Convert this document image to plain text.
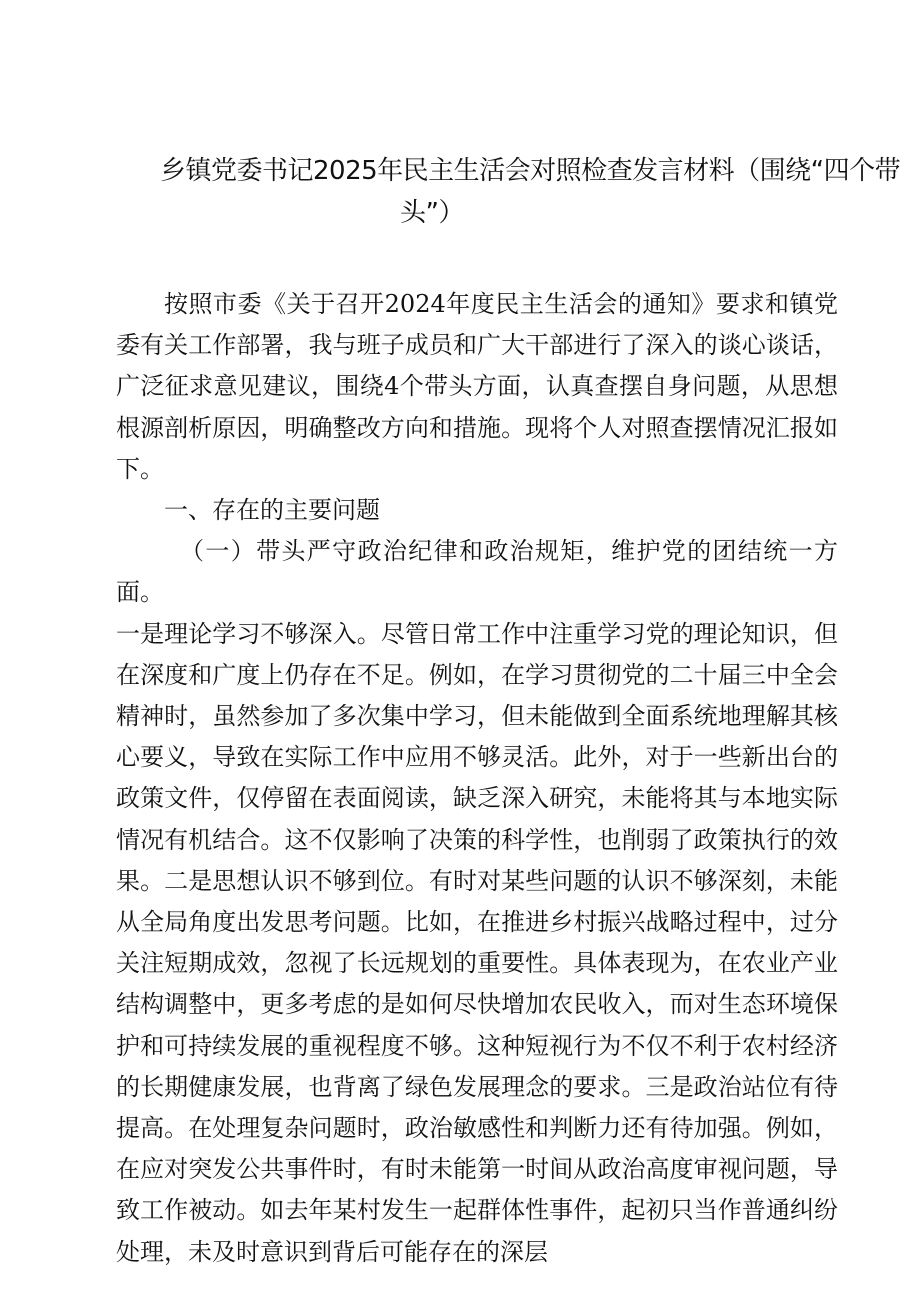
乡镇党委书记2025年民主生活会对照检查发言材料（围绕“四个带
头”）

按照市委《关于召开2024年度民主生活会的通知》要求和镇党委有关工作部署，我与班子成员和广大干部进行了深入的谈心谈话，广泛征求意见建议，围绕4个带头方面，认真查摆自身问题，从思想根源剖析原因，明确整改方向和措施。现将个人对照查摆情况汇报如下。

一、存在的主要问题

（一）带头严守政治纪律和政治规矩，维护党的团结统一方面。

一是理论学习不够深入。尽管日常工作中注重学习党的理论知识，但在深度和广度上仍存在不足。例如，在学习贯彻党的二十届三中全会精神时，虽然参加了多次集中学习，但未能做到全面系统地理解其核心要义，导致在实际工作中应用不够灵活。此外，对于一些新出台的政策文件，仅停留在表面阅读，缺乏深入研究，未能将其与本地实际情况有机结合。这不仅影响了决策的科学性，也削弱了政策执行的效果。二是思想认识不够到位。有时对某些问题的认识不够深刻，未能从全局角度出发思考问题。比如，在推进乡村振兴战略过程中，过分关注短期成效，忽视了长远规划的重要性。具体表现为，在农业产业结构调整中，更多考虑的是如何尽快增加农民收入，而对生态环境保护和可持续发展的重视程度不够。这种短视行为不仅不利于农村经济的长期健康发展，也背离了绿色发展理念的要求。三是政治站位有待提高。在处理复杂问题时，政治敏感性和判断力还有待加强。例如，在应对突发公共事件时，有时未能第一时间从政治高度审视问题，导致工作被动。如去年某村发生一起群体性事件，起初只当作普通纠纷处理，未及时意识到背后可能存在的深层
